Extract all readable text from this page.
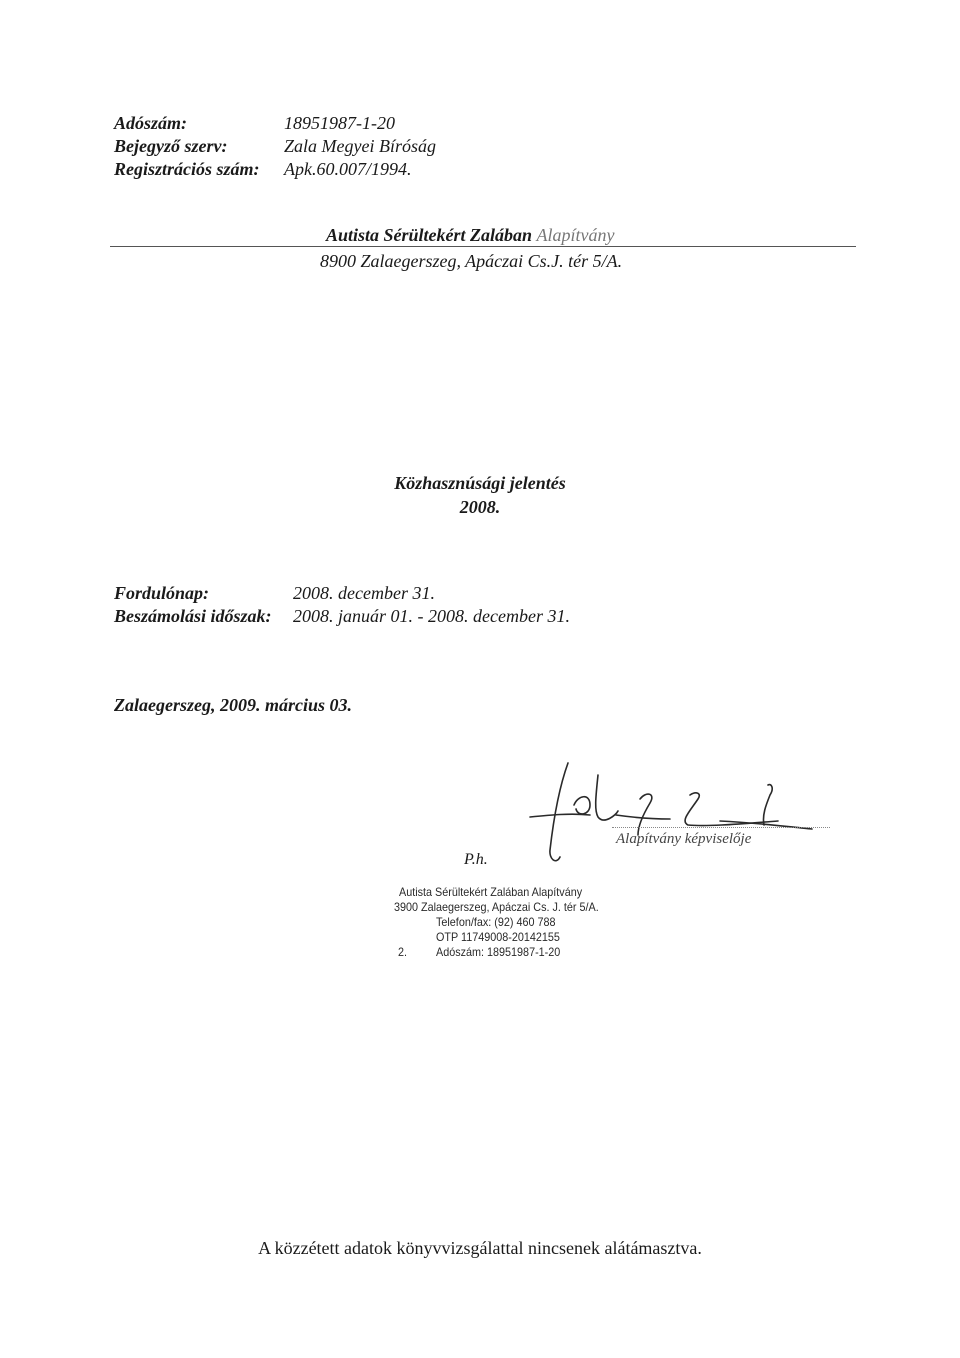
Adószám:	18951987-1-20
Bejegyző szerv:	Zala Megyei Bíróság
Regisztrációs szám: Apk.60.007/1994.
Autista Sérültekért Zalában Alapítvány
8900 Zalaegerszeg, Apáczai Cs.J. tér 5/A.
Közhasznúsági jelentés
2008.
Fordulónap:	2008. december 31.
Beszámolási időszak: 2008. január 01. - 2008. december 31.
Zalaegerszeg, 2009. március 03.
Alapítvány képviselője
P.h.
Autista Sérültekért Zalában Alapítvány
3900 Zalaegerszeg, Apáczai Cs. J. tér 5/A.
Telefon/fax: (92) 460 788
OTP 11749008-20142155
2. Adószám: 18951987-1-20
A közzétett adatok könyvvizsgálattal nincsenek alátámasztva.
